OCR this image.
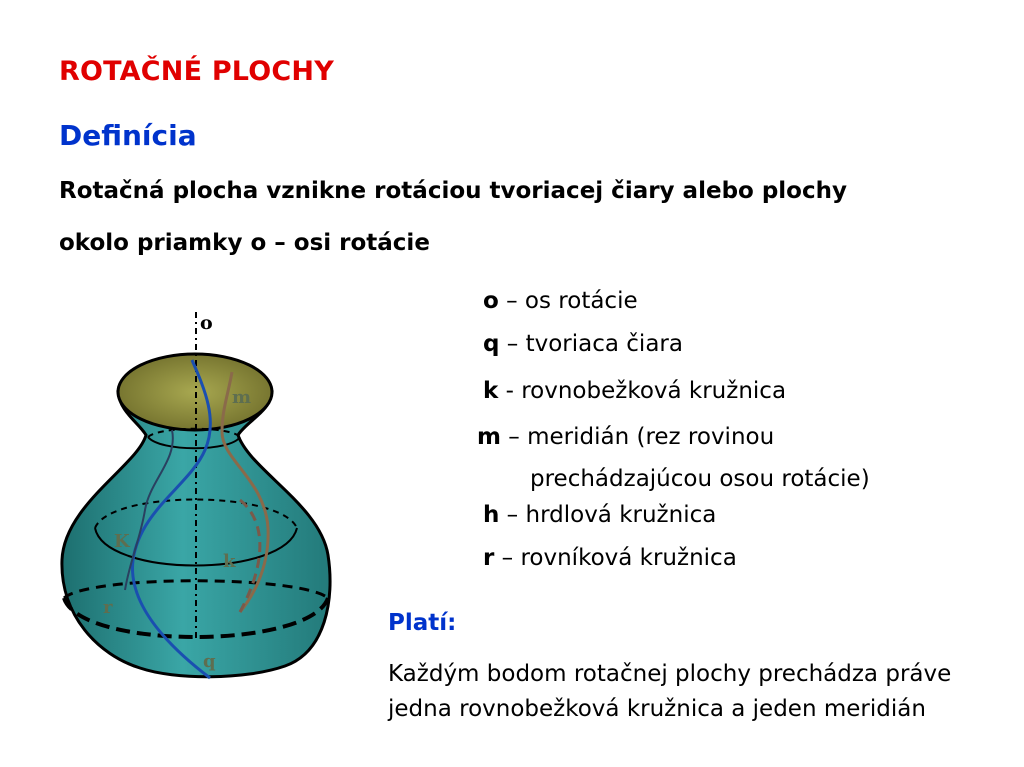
ROTAČNÉ PLOCHY
Definícia
Rotačná plocha vznikne rotáciou tvoriacej čiary alebo plochy
okolo priamky o – osi rotácie
o – os rotácie
q – tvoriaca čiara
k - rovnobežková kružnica
m – meridián (rez rovinou
prechádzajúcou osou rotácie)
h – hrdlová kružnica
r – rovníková kružnica
Platí:
Každým bodom rotačnej plochy prechádza práve
jedna rovnobežková kružnica a jeden meridián
o
m
K
k
r
q
